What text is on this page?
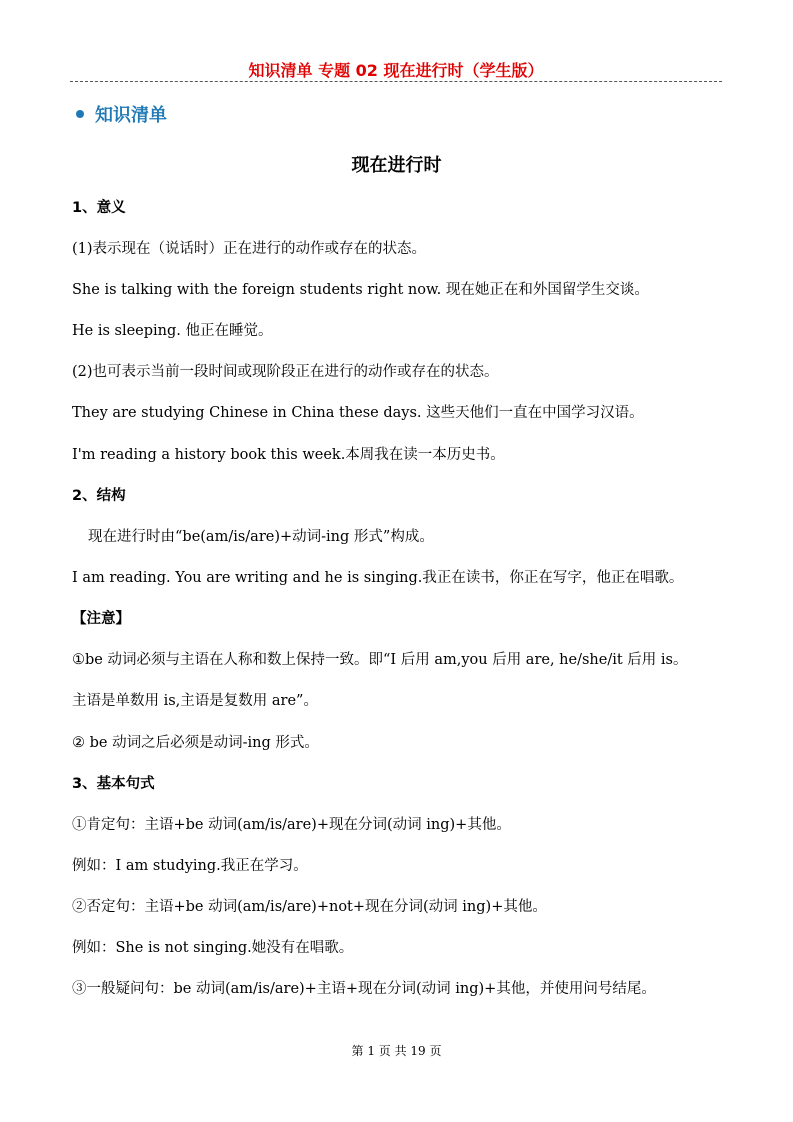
知识清单 专题 02 现在进行时（学生版）
知识清单
现在进行时
1、意义
(1)表示现在（说话时）正在进行的动作或存在的状态。
She is talking with the foreign students right now. 现在她正在和外国留学生交谈。
He is sleeping. 他正在睡觉。
(2)也可表示当前一段时间或现阶段正在进行的动作或存在的状态。
They are studying Chinese in China these days. 这些天他们一直在中国学习汉语。
I'm reading a history book this week.本周我在读一本历史书。
2、结构
现在进行时由“be(am/is/are)+动词-ing 形式”构成。
I am reading. You are writing and he is singing.我正在读书，你正在写字，他正在唱歌。
【注意】
①be 动词必须与主语在人称和数上保持一致。即“I 后用 am,you 后用 are, he/she/it 后用 is。
主语是单数用 is,主语是复数用 are”。
② be 动词之后必须是动词-ing 形式。
3、基本句式
①肯定句：主语+be 动词(am/is/are)+现在分词(动词 ing)+其他。
例如：I am studying.我正在学习。
②否定句：主语+be 动词(am/is/are)+not+现在分词(动词 ing)+其他。
例如：She is not singing.她没有在唱歌。
③一般疑问句：be 动词(am/is/are)+主语+现在分词(动词 ing)+其他，并使用问号结尾。
第 1 页 共 19 页
